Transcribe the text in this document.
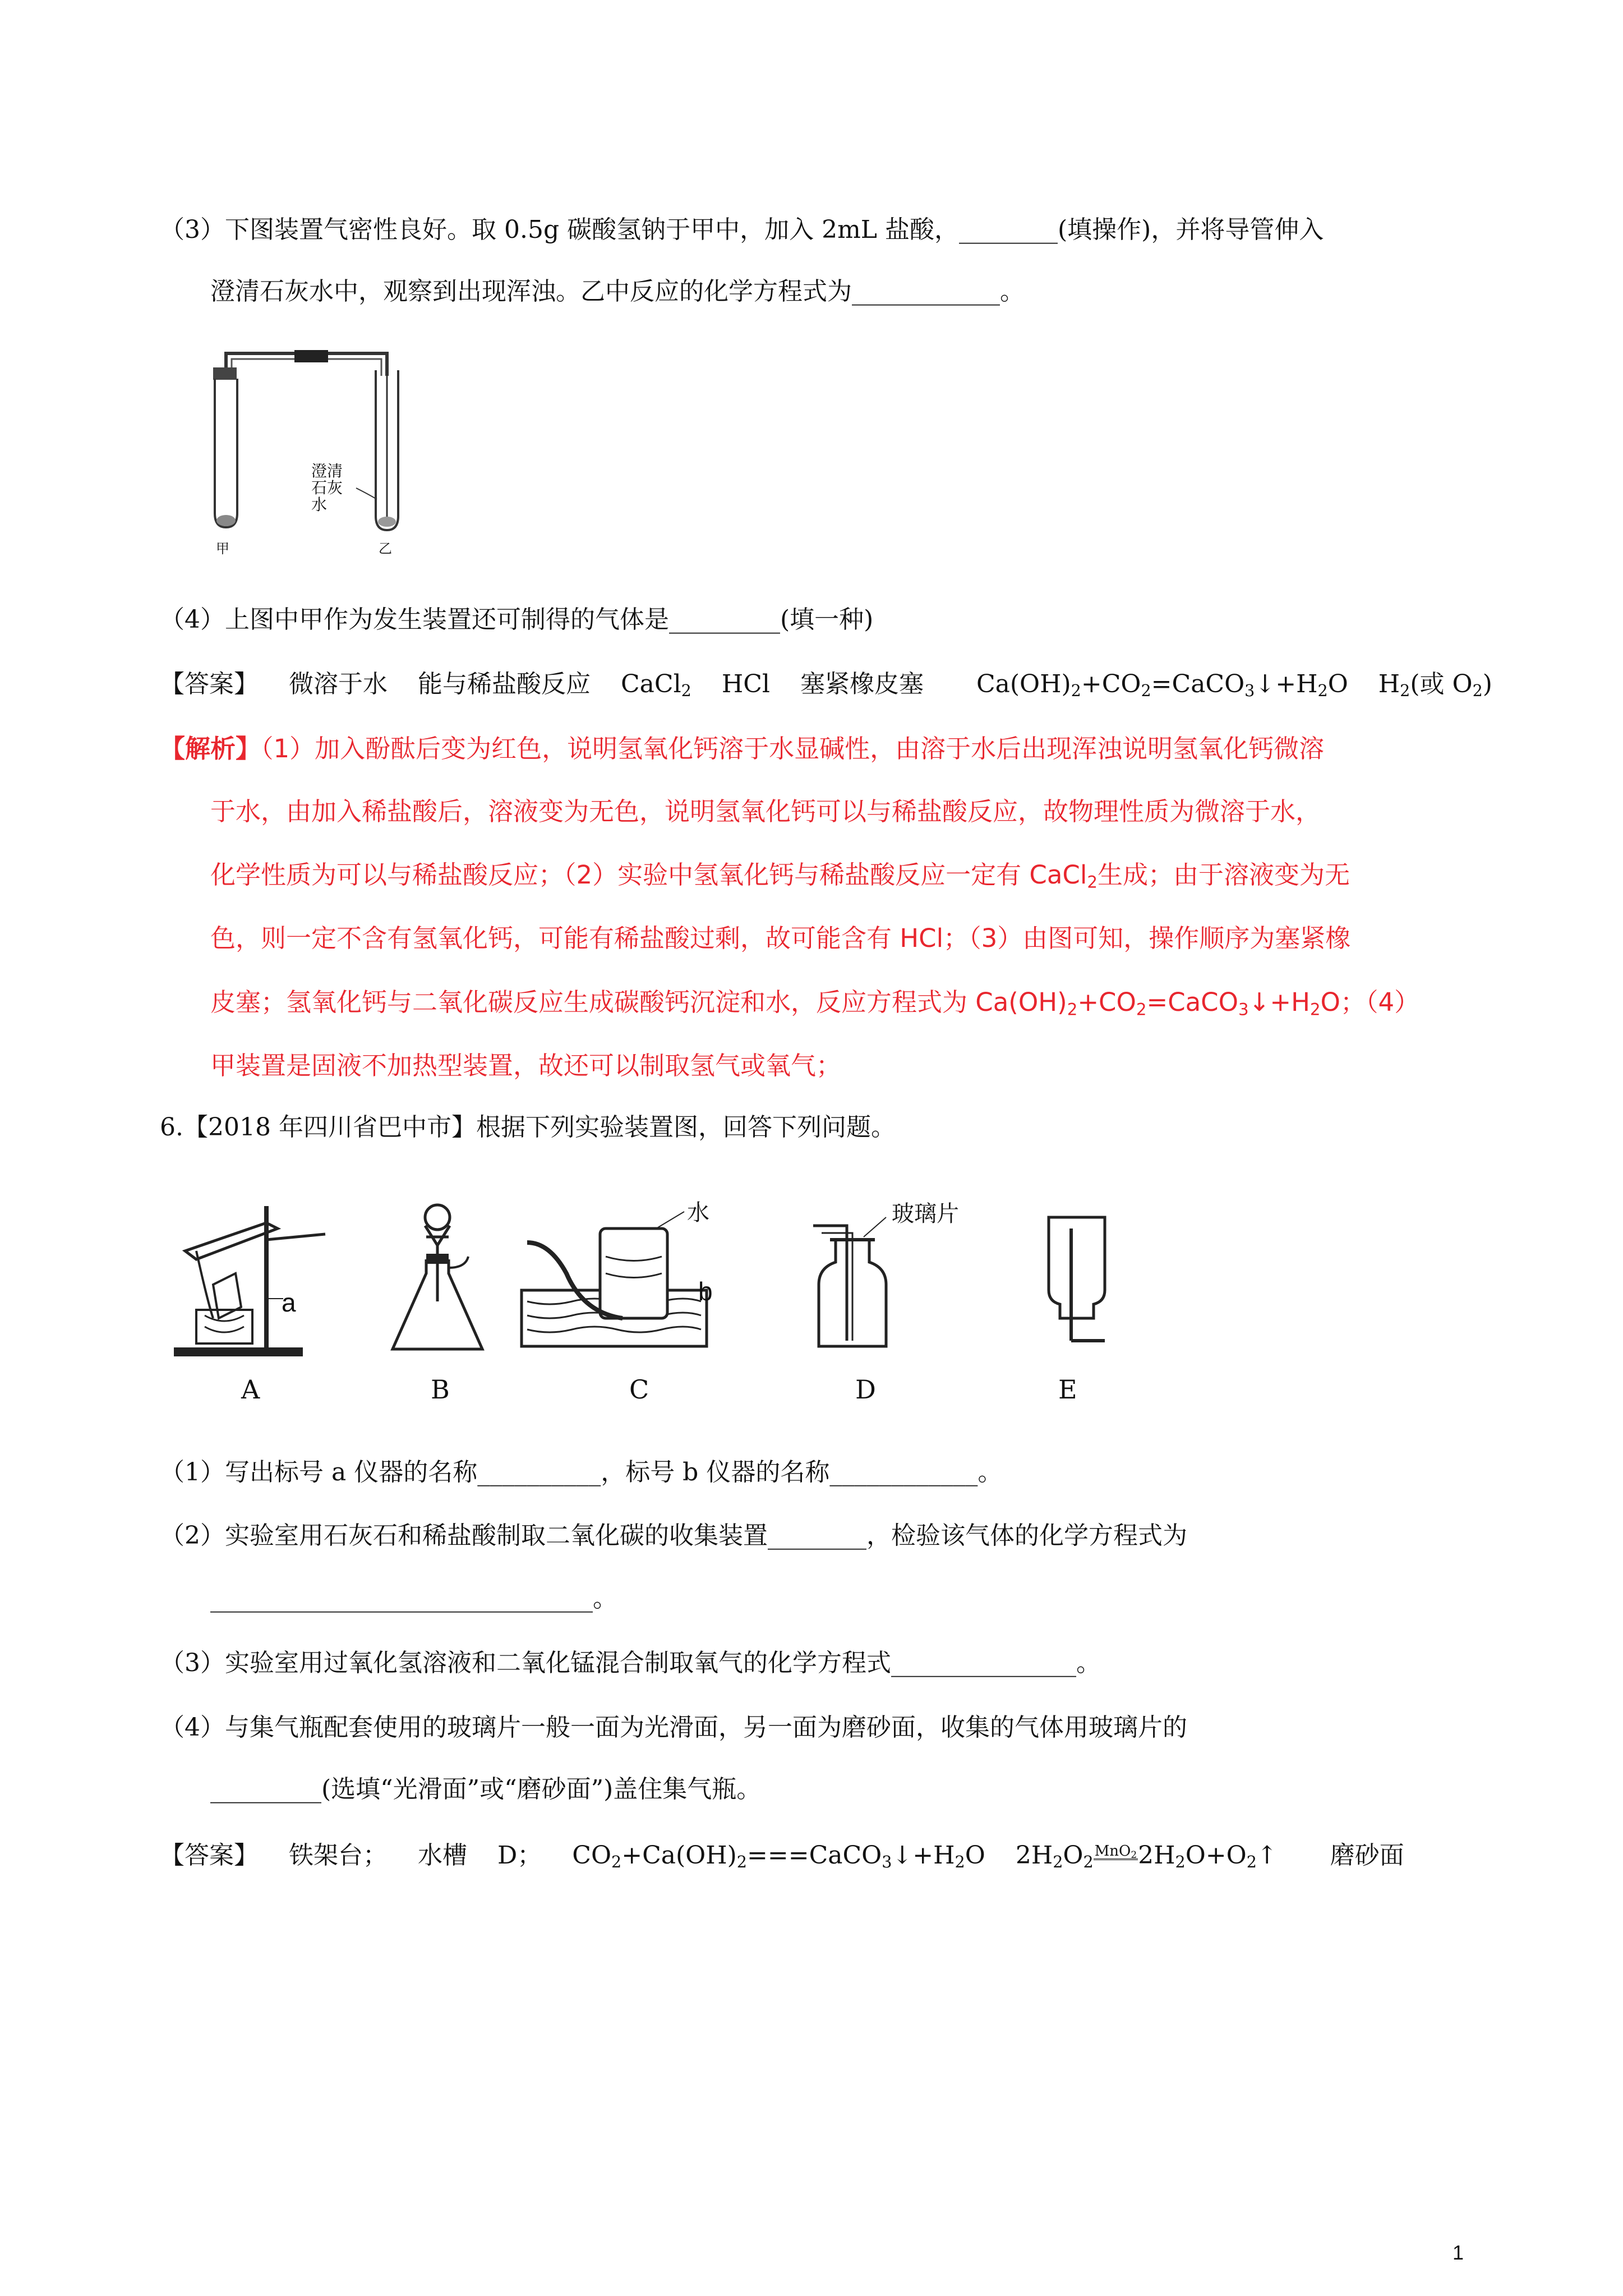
（3）下图装置气密性良好。取 0.5g 碳酸氢钠于甲中，加入 2mL 盐酸，________(填操作)，并将导管伸入
澄清石灰水中，观察到出现浑浊。乙中反应的化学方程式为____________。
澄清石灰水
甲	乙
（4）上图中甲作为发生装置还可制得的气体是_________(填一种)
【答案】 微溶于水 能与稀盐酸反应 CaCl$_2$ HCl 塞紧橡皮塞 $Ca(OH)_2+CO_2=CaCO_3↓+H_2O$ $H_2$(或 $O_2$)
【解析】（1）加入酚酞后变为红色，说明氢氧化钙溶于水显碱性，由溶于水后出现浑浊说明氢氧化钙微溶
于水，由加入稀盐酸后，溶液变为无色，说明氢氧化钙可以与稀盐酸反应，故物理性质为微溶于水，
化学性质为可以与稀盐酸反应；（2）实验中氢氧化钙与稀盐酸反应一定有 CaCl$_2$生成；由于溶液变为无
色，则一定不含有氢氧化钙，可能有稀盐酸过剩，故可能含有 HCl；（3）由图可知，操作顺序为塞紧橡
皮塞；氢氧化钙与二氧化碳反应生成碳酸钙沉淀和水，反应方程式为 $Ca(OH)_2+CO_2=CaCO_3↓+H_2O$；（4）
甲装置是固液不加热型装置，故还可以制取氢气或氧气；
6.【2018 年四川省巴中市】根据下列实验装置图，回答下列问题。
a
水
b
玻璃片
A	B	C	D	E
（1）写出标号 a 仪器的名称__________，标号 b 仪器的名称____________。
（2）实验室用石灰石和稀盐酸制取二氧化碳的收集装置________，检验该气体的化学方程式为
_______________________________。
（3）实验室用过氧化氢溶液和二氧化锰混合制取氧气的化学方程式_______________。
（4）与集气瓶配套使用的玻璃片一般一面为光滑面，另一面为磨砂面，收集的气体用玻璃片的
_________(选填“光滑面”或“磨砂面”)盖住集气瓶。
【答案】 铁架台； 水槽 D； $CO_2+Ca(OH)_2===CaCO_3↓+H_2O$ $2H_2O_2MnO_22H_2O+O_2↑$ 磨砂面
1
